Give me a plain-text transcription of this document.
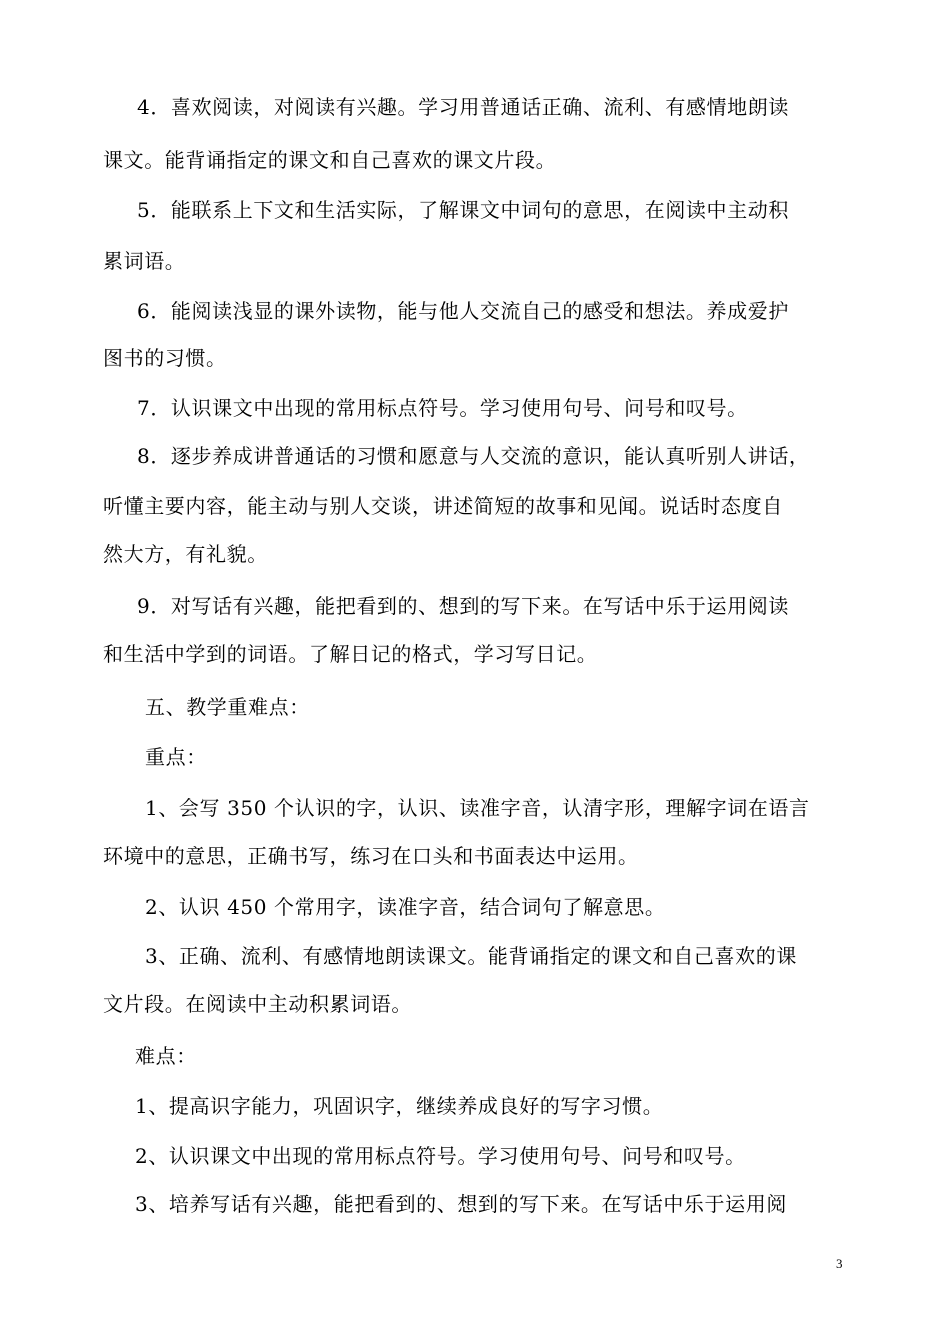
4．喜欢阅读，对阅读有兴趣。学习用普通话正确、流利、有感情地朗读
课文。能背诵指定的课文和自己喜欢的课文片段。
5．能联系上下文和生活实际，了解课文中词句的意思，在阅读中主动积
累词语。
6．能阅读浅显的课外读物，能与他人交流自己的感受和想法。养成爱护
图书的习惯。
7．认识课文中出现的常用标点符号。学习使用句号、问号和叹号。
8．逐步养成讲普通话的习惯和愿意与人交流的意识，能认真听别人讲话，
听懂主要内容，能主动与别人交谈，讲述简短的故事和见闻。说话时态度自
然大方，有礼貌。
9．对写话有兴趣，能把看到的、想到的写下来。在写话中乐于运用阅读
和生活中学到的词语。了解日记的格式，学习写日记。
五、教学重难点：
重点：
1、会写 350 个认识的字，认识、读准字音，认清字形，理解字词在语言
环境中的意思，正确书写，练习在口头和书面表达中运用。
2、认识 450 个常用字，读准字音，结合词句了解意思。
3、正确、流利、有感情地朗读课文。能背诵指定的课文和自己喜欢的课
文片段。在阅读中主动积累词语。
难点：
1、提高识字能力，巩固识字，继续养成良好的写字习惯。
2、认识课文中出现的常用标点符号。学习使用句号、问号和叹号。
3、培养写话有兴趣，能把看到的、想到的写下来。在写话中乐于运用阅
3
